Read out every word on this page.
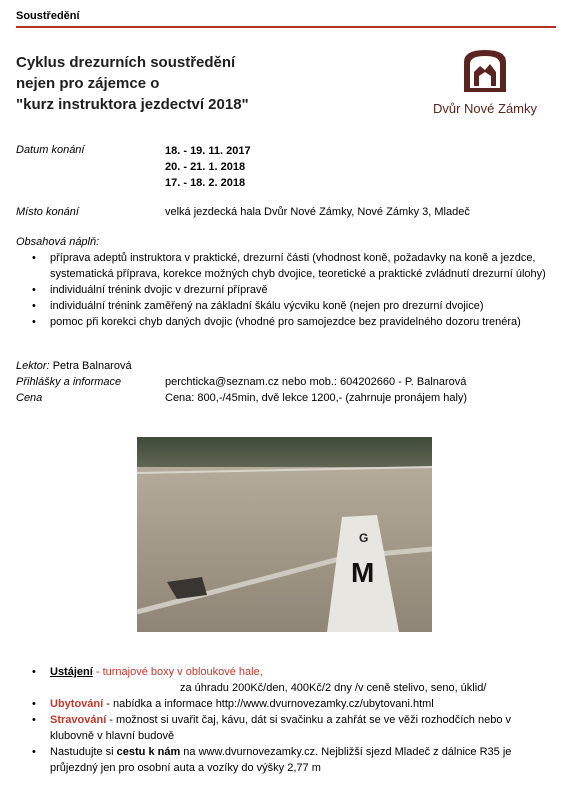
Soustředění
Cyklus drezurních soustředění
nejen pro zájemce o
"kurz instruktora jezdectví 2018"	Dvůr Nové Zámky
Datum konání	18. - 19. 11. 2017
20. - 21. 1. 2018
17. - 18. 2. 2018
Místo konání	velká jezdecká hala Dvůr Nové Zámky, Nové Zámky 3, Mladeč
Obsahová náplň:
• příprava adeptů instruktora v praktické, drezurní části (vhodnost koně, požadavky na koně a jezdce, systematická příprava, korekce možných chyb dvojice, teoretické a praktické zvládnutí drezurní úlohy)
• individuální trénink dvojic v drezurní přípravě
• individuální trénink zaměřený na základní škálu výcviku koně (nejen pro drezurní dvojice)
• pomoc při korekci chyb daných dvojic (vhodné pro samojezdce bez pravidelného dozoru trenéra)
Lektor: Petra Balnarová
Přihlášky a informace	perchticka@seznam.cz nebo mob.: 604202660 - P. Balnarová
Cena	Cena: 800,-/45min, dvě lekce 1200,- (zahrnuje pronájem haly)
G
M
• Ustájení - turnajové boxy v obloukové hale,
za úhradu 200Kč/den, 400Kč/2 dny /v ceně stelivo, seno, úklid/
• Ubytování - nabídka a informace http://www.dvurnovezamky.cz/ubytovani.html
• Stravování - možnost si uvařit čaj, kávu, dát si svačinku a zahřát se ve věži rozhodčích nebo v klubovně v hlavní budově
• Nastudujte si cestu k nám na www.dvurnovezamky.cz. Nejbližší sjezd Mladeč z dálnice R35 je průjezdný jen pro osobní auta a vozíky do výšky 2,77 m
